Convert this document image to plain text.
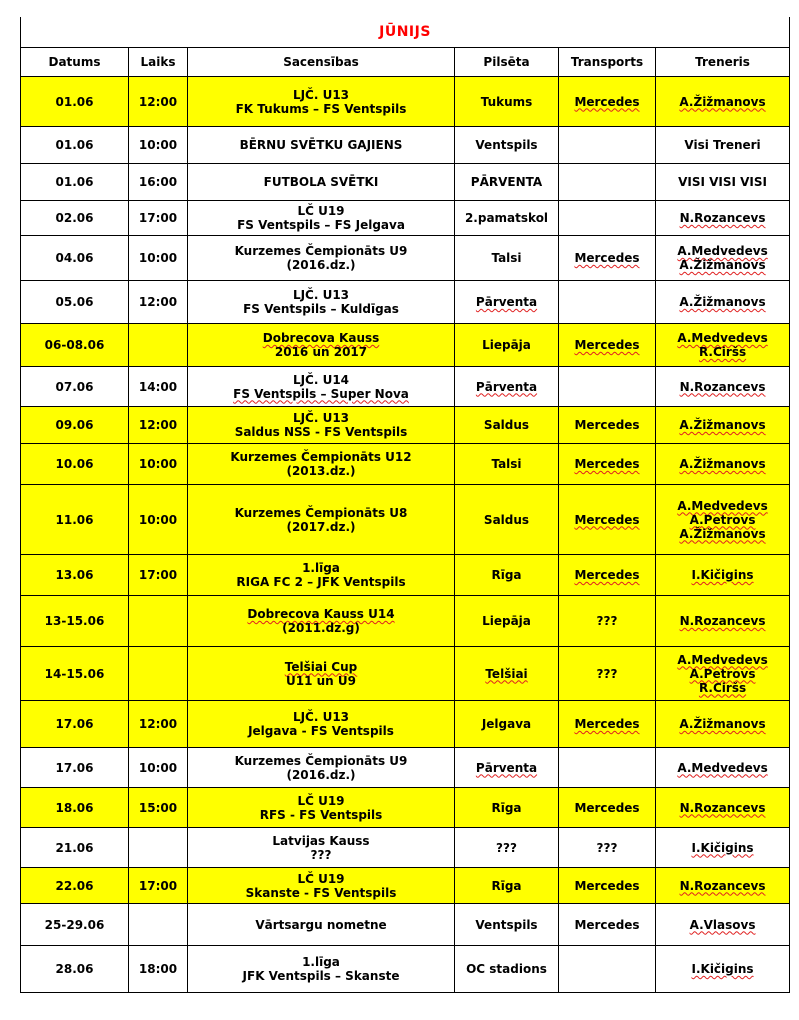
JŪNIJS					
Datums	Laiks	Sacensības	Pilsēta	Transports	Treneris
01.06	12:00	LJČ. U13
FK Tukums – FS Ventspils	Tukums	Mercedes	A.Žižmanovs

01.06	10:00	BĒRNU SVĒTKU GAJIENS	Ventspils		Visi Treneri

01.06	16:00	FUTBOLA SVĒTKI	PĀRVENTA		VISI VISI VISI

02.06	17:00	LČ U19
FS Ventspils – FS Jelgava	2.pamatskol		N.Rozancevs

04.06	10:00	Kurzemes Čempionāts U9
(2016.dz.)	Talsi	Mercedes	A.Medvedevs
A.Žižmanovs

05.06	12:00	LJČ. U13
FS Ventspils – Kuldīgas	Pārventa		A.Žižmanovs

06-08.06		Dobrecova Kauss
2016 un 2017	Liepāja	Mercedes	A.Medvedevs
R.Ciršs

07.06	14:00	LJČ. U14
FS Ventspils – Super Nova	Pārventa		N.Rozancevs

09.06	12:00	LJČ. U13
Saldus NSS - FS Ventspils	Saldus	Mercedes	A.Žižmanovs

10.06	10:00	Kurzemes Čempionāts U12
(2013.dz.)	Talsi	Mercedes	A.Žižmanovs

11.06	10:00	Kurzemes Čempionāts U8
(2017.dz.)	Saldus	Mercedes	A.Medvedevs
A.Petrovs
A.Žižmanovs

13.06	17:00	1.līga
RIGA FC 2 – JFK Ventspils	Rīga	Mercedes	I.Kičigins

13-15.06		Dobrecova Kauss U14
(2011.dz.g)	Liepāja	???	N.Rozancevs

14-15.06		Telšiai Cup
U11 un U9	Telšiai	???	A.Medvedevs
A.Petrovs
R.Ciršs

17.06	12:00	LJČ. U13
Jelgava - FS Ventspils	Jelgava	Mercedes	A.Žižmanovs

17.06	10:00	Kurzemes Čempionāts U9
(2016.dz.)	Pārventa		A.Medvedevs

18.06	15:00	LČ U19
RFS - FS Ventspils	Rīga	Mercedes	N.Rozancevs

21.06		Latvijas Kauss
???	???	???	I.Kičigins

22.06	17:00	LČ U19
Skanste - FS Ventspils	Rīga	Mercedes	N.Rozancevs

25-29.06		Vārtsargu nometne	Ventspils	Mercedes	A.Vlasovs

28.06	18:00	1.līga
JFK Ventspils – Skanste	OC stadions		I.Kičigins
